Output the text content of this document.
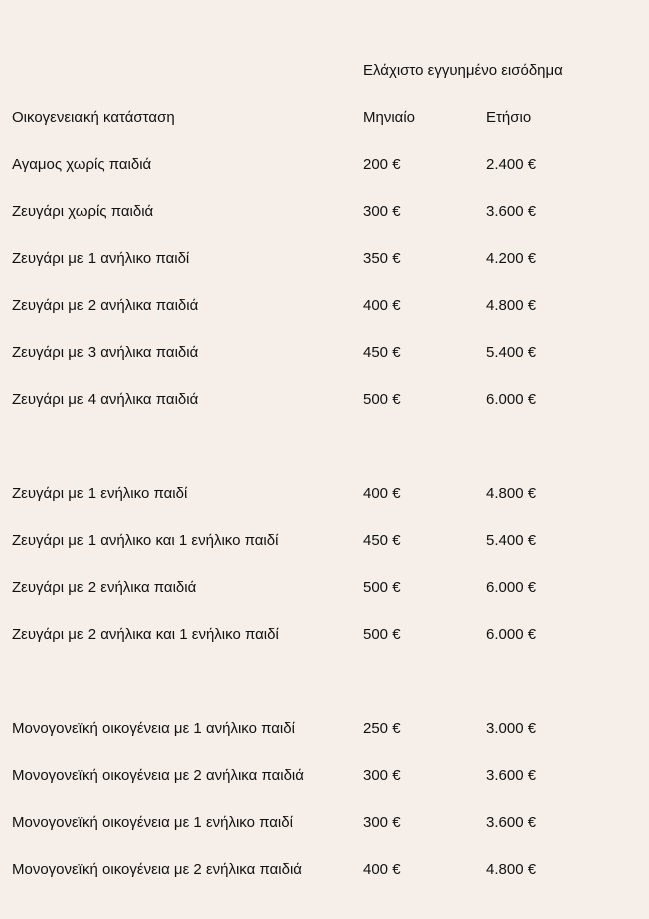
Ελάχιστο εγγυημένο εισόδημα
Οικογενειακή κατάσταση	Μηνιαίο	Ετήσιο
Αγαμος χωρίς παιδιά	200 €	2.400 €
Ζευγάρι χωρίς παιδιά	300 €	3.600 €
Ζευγάρι με 1 ανήλικο παιδί	350 €	4.200 €
Ζευγάρι με 2 ανήλικα παιδιά	400 €	4.800 €
Ζευγάρι με 3 ανήλικα παιδιά	450 €	5.400 €
Ζευγάρι με 4 ανήλικα παιδιά	500 €	6.000 €
Ζευγάρι με 1 ενήλικο παιδί	400 €	4.800 €
Ζευγάρι με 1 ανήλικο και 1 ενήλικο παιδί	450 €	5.400 €
Ζευγάρι με 2 ενήλικα παιδιά	500 €	6.000 €
Ζευγάρι με 2 ανήλικα και 1 ενήλικο παιδί	500 €	6.000 €
Μονογονεϊκή οικογένεια με 1 ανήλικο παιδί	250 €	3.000 €
Μονογονεϊκή οικογένεια με 2 ανήλικα παιδιά	300 €	3.600 €
Μονογονεϊκή οικογένεια με 1 ενήλικο παιδί	300 €	3.600 €
Μονογονεϊκή οικογένεια με 2 ενήλικα παιδιά	400 €	4.800 €
